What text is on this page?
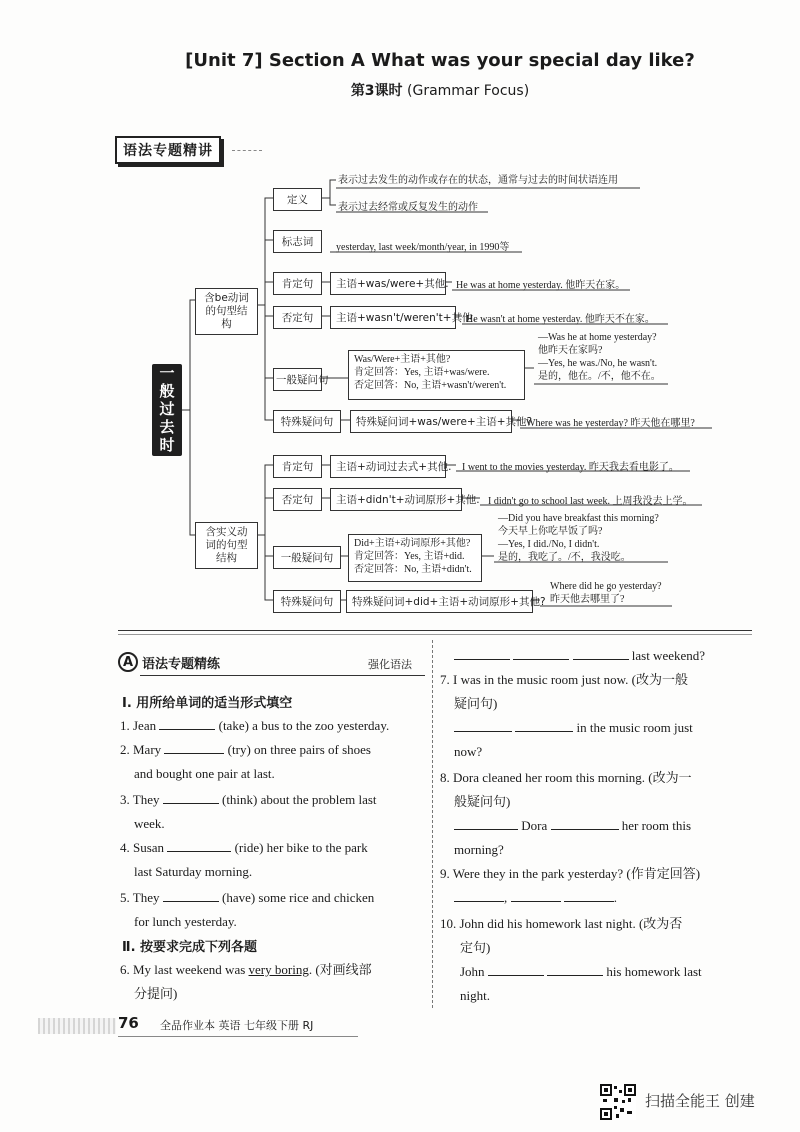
[Unit 7] Section A What was your special day like?
第3课时 (Grammar Focus)
语法专题精讲
一般过去时
含be动词的句型结构
定义
表示过去发生的动作或存在的状态，通常与过去的时间状语连用
表示过去经常或反复发生的动作
标志词	yesterday, last week/month/year, in 1990等
肯定句	主语+was/were+其他. He was at home yesterday. 他昨天在家。
否定句	主语+wasn't/weren't+其他.
He wasn't at home yesterday. 他昨天不在家。
一般疑问句
Was/Were+主语+其他?
肯定回答：Yes, 主语+was/were.
否定回答：No, 主语+wasn't/weren't.
—Was he at home yesterday?
他昨天在家吗?
—Yes, he was./No, he wasn't.
是的，他在。/不，他不在。
特殊疑问句	特殊疑问词+was/were+主语+其他?
Where was he yesterday? 昨天他在哪里?
含实义动词的句型结构
肯定句	主语+动词过去式+其他. I went to the movies yesterday. 昨天我去看电影了。
否定句	主语+didn't+动词原形+其他. I didn't go to school last week. 上周我没去上学。
一般疑问句
Did+主语+动词原形+其他?
肯定回答：Yes, 主语+did.
否定回答：No, 主语+didn't.
—Did you have breakfast this morning?
今天早上你吃早饭了吗?
—Yes, I did./No, I didn't.
是的，我吃了。/不，我没吃。
特殊疑问句	特殊疑问词+did+主语+动词原形+其他?
Where did he go yesterday?
昨天他去哪里了?
A 语法专题精练	强化语法
Ⅰ. 用所给单词的适当形式填空
1. Jean	(take) a bus to the zoo yesterday.
2. Mary	(try) on three pairs of shoes
and bought one pair at last.
3. They	(think) about the problem last
week.
4. Susan	(ride) her bike to the park
last Saturday morning.
5. They	(have) some rice and chicken
for lunch yesterday.
Ⅱ. 按要求完成下列各题
6. My last weekend was very boring. (对画线部
分提问)
last weekend?
7. I was in the music room just now. (改为一般
疑问句)
in the music room just
now?
8. Dora cleaned her room this morning. (改为一
般疑问句)
Dora	her room this
morning?
9. Were they in the park yesterday? (作肯定回答)
,	.
10. John did his homework last night. (改为否
定句)
John	his homework last
night.
76 全品作业本 英语 七年级下册 RJ
扫描全能王 创建
